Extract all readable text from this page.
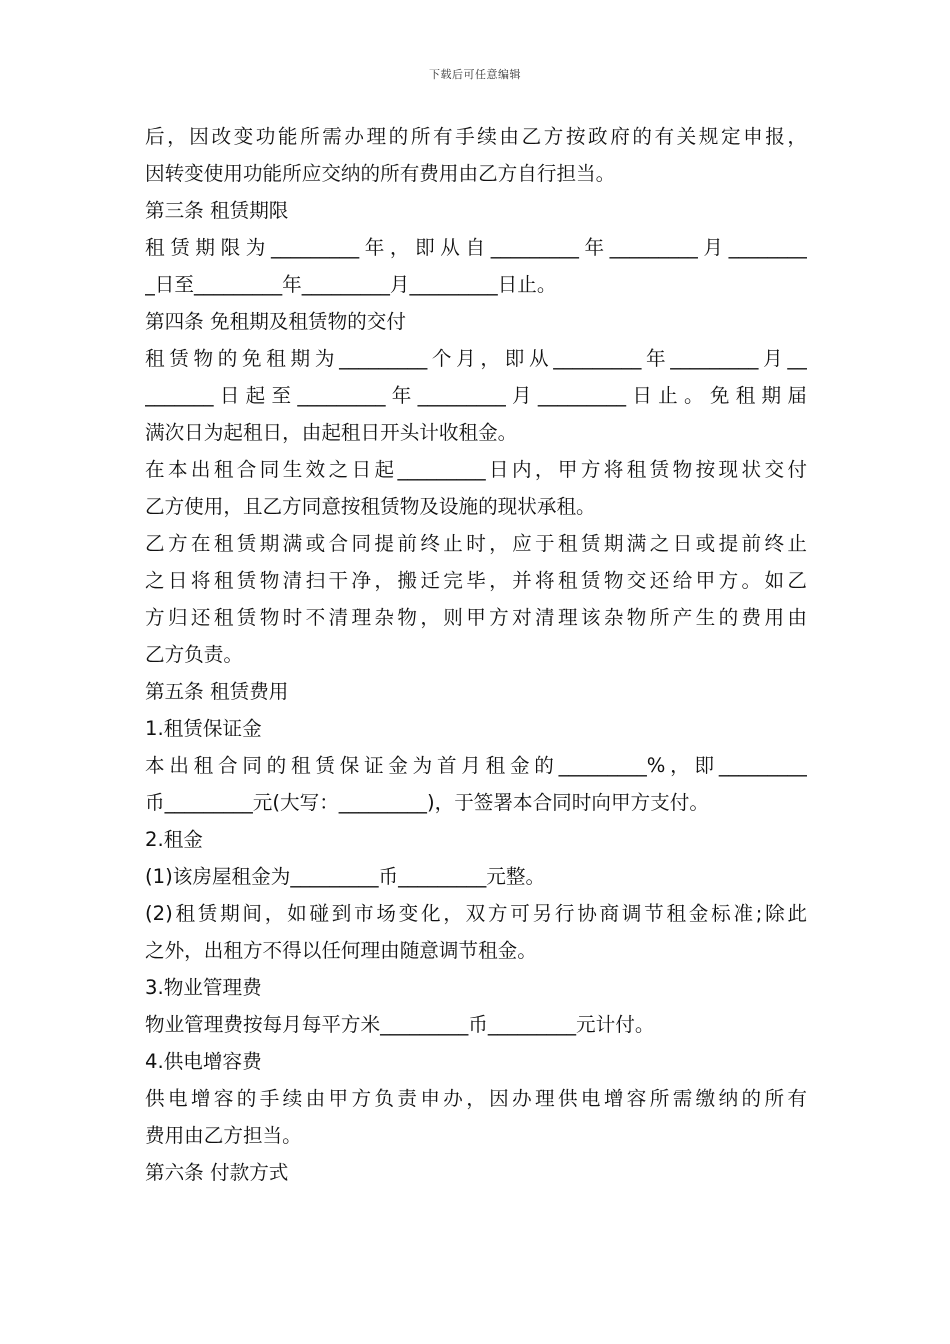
下载后可任意编辑
后，因改变功能所需办理的所有手续由乙方按政府的有关规定申报，
因转变使用功能所应交纳的所有费用由乙方自行担当。
第三条 租赁期限
租赁期限为_________年，即从自_________年_________月________
_日至_________年_________月_________日止。
第四条 免租期及租赁物的交付
租赁物的免租期为_________个月，即从_________年_________月__
_______日起至_________年_________月_________日止。免租期届
满次日为起租日，由起租日开头计收租金。
在本出租合同生效之日起_________日内，甲方将租赁物按现状交付
乙方使用，且乙方同意按租赁物及设施的现状承租。
乙方在租赁期满或合同提前终止时，应于租赁期满之日或提前终止
之日将租赁物清扫干净，搬迁完毕，并将租赁物交还给甲方。如乙
方归还租赁物时不清理杂物，则甲方对清理该杂物所产生的费用由
乙方负责。
第五条 租赁费用
1.租赁保证金
本出租合同的租赁保证金为首月租金的_________%，即_________
币_________元(大写：_________)，于签署本合同时向甲方支付。
2.租金
(1)该房屋租金为_________币_________元整。
(2)租赁期间，如碰到市场变化，双方可另行协商调节租金标准;除此
之外，出租方不得以任何理由随意调节租金。
3.物业管理费
物业管理费按每月每平方米_________币_________元计付。
4.供电增容费
供电增容的手续由甲方负责申办，因办理供电增容所需缴纳的所有
费用由乙方担当。
第六条 付款方式
